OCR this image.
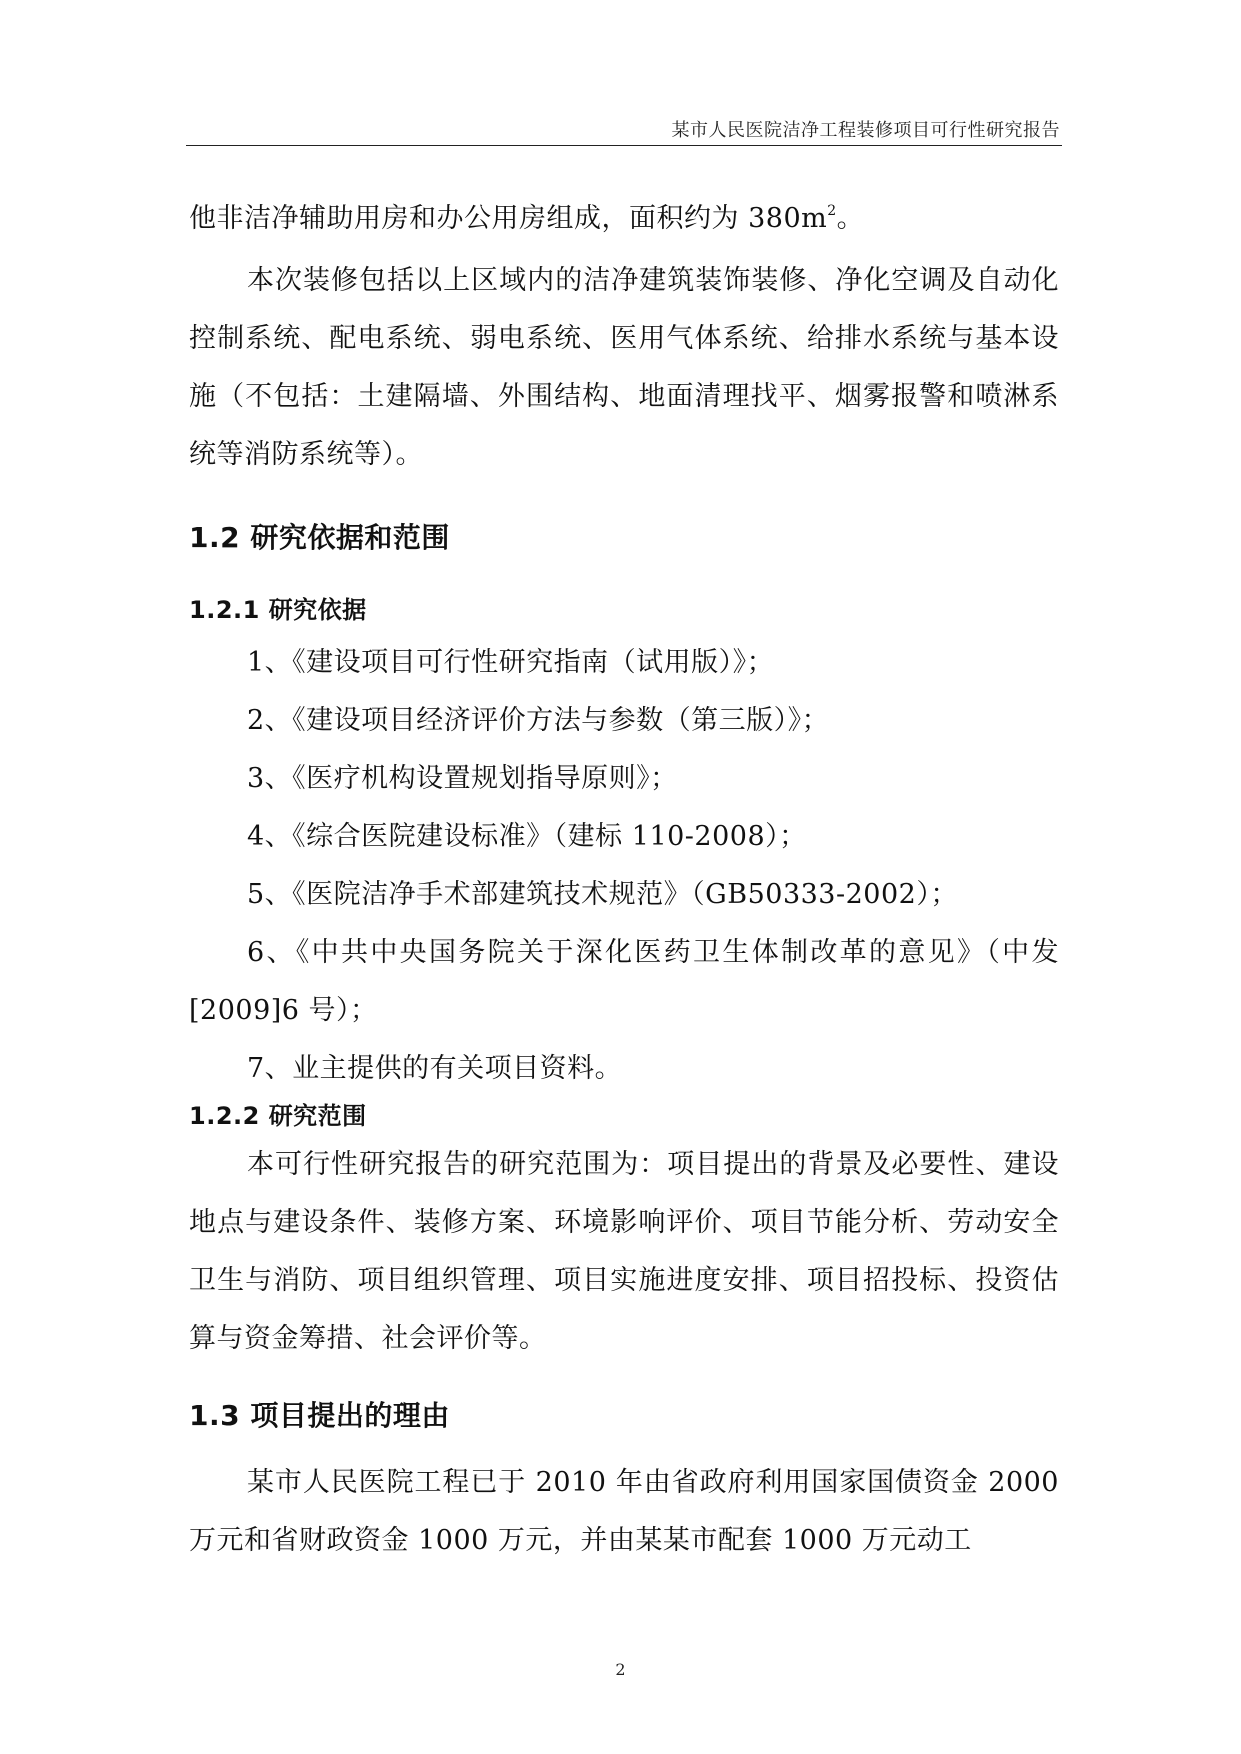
某市人民医院洁净工程装修项目可行性研究报告

他非洁净辅助用房和办公用房组成，面积约为 $380m^2$。

本次装修包括以上区域内的洁净建筑装饰装修、净化空调及自动化控制系统、配电系统、弱电系统、医用气体系统、给排水系统与基本设施（不包括：土建隔墙、外围结构、地面清理找平、烟雾报警和喷淋系统等消防系统等）。

1.2 研究依据和范围
1.2.1 研究依据

1、《建设项目可行性研究指南（试用版）》；

2、《建设项目经济评价方法与参数（第三版）》；

3、《医疗机构设置规划指导原则》；

4、《综合医院建设标准》（建标 110-2008）；

5、《医院洁净手术部建筑技术规范》（GB50333-2002）；

6、《中共中央国务院关于深化医药卫生体制改革的意见》（中发[2009]6 号）；

7、业主提供的有关项目资料。

1.2.2 研究范围

本可行性研究报告的研究范围为：项目提出的背景及必要性、建设地点与建设条件、装修方案、环境影响评价、项目节能分析、劳动安全卫生与消防、项目组织管理、项目实施进度安排、项目招投标、投资估算与资金筹措、社会评价等。

1.3 项目提出的理由

某市人民医院工程已于 2010 年由省政府利用国家国债资金 2000 万元和省财政资金 1000 万元，并由某某市配套 1000 万元动工

2
